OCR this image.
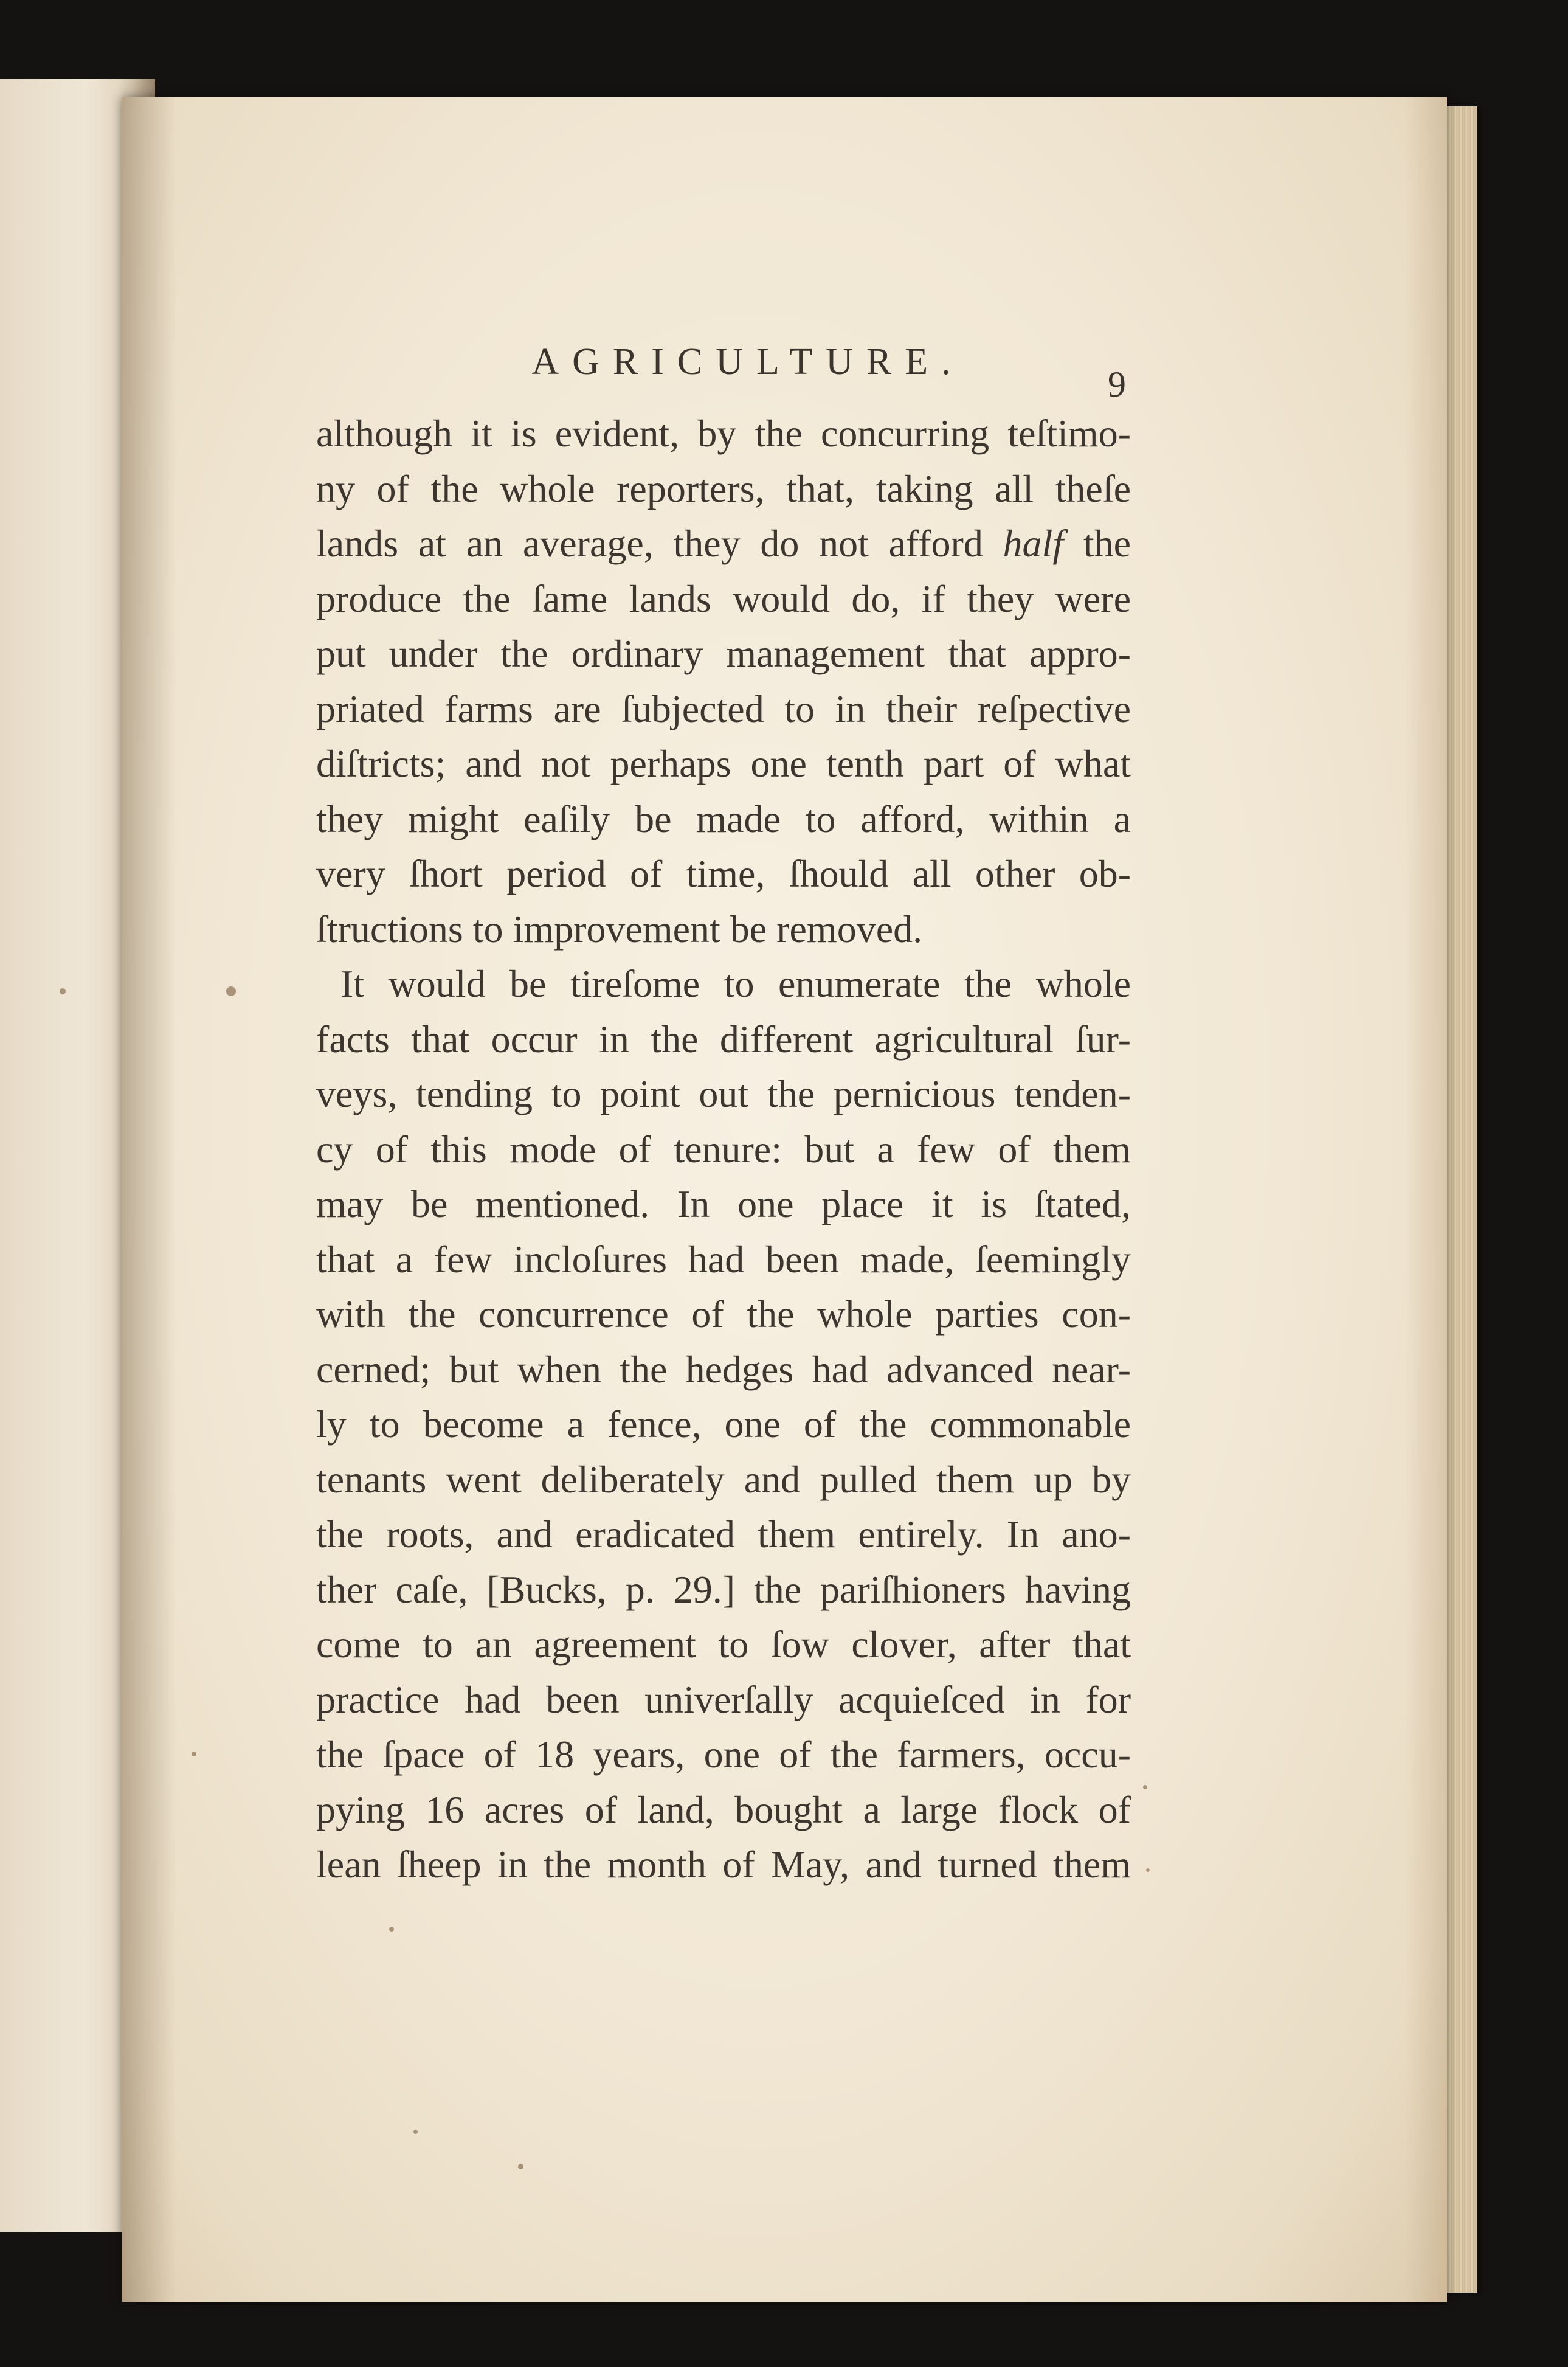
AGRICULTURE.
9
although it is evident, by the concurring teſtimo-
ny of the whole reporters, that, taking all theſe
lands at an average, they do not afford half the
produce the ſame lands would do, if they were
put under the ordinary management that appro-
priated farms are ſubjected to in their reſpective
diſtricts; and not perhaps one tenth part of what
they might eaſily be made to afford, within a
very ſhort period of time, ſhould all other ob-
ſtructions to improvement be removed.
It would be tireſome to enumerate the whole
facts that occur in the different agricultural ſur-
veys, tending to point out the pernicious tenden-
cy of this mode of tenure: but a few of them
may be mentioned. In one place it is ſtated,
that a few incloſures had been made, ſeemingly
with the concurrence of the whole parties con-
cerned; but when the hedges had advanced near-
ly to become a fence, one of the commonable
tenants went deliberately and pulled them up by
the roots, and eradicated them entirely. In ano-
ther caſe, [Bucks, p. 29.] the pariſhioners having
come to an agreement to ſow clover, after that
practice had been univerſally acquieſced in for
the ſpace of 18 years, one of the farmers, occu-
pying 16 acres of land, bought a large flock of
lean ſheep in the month of May, and turned them
